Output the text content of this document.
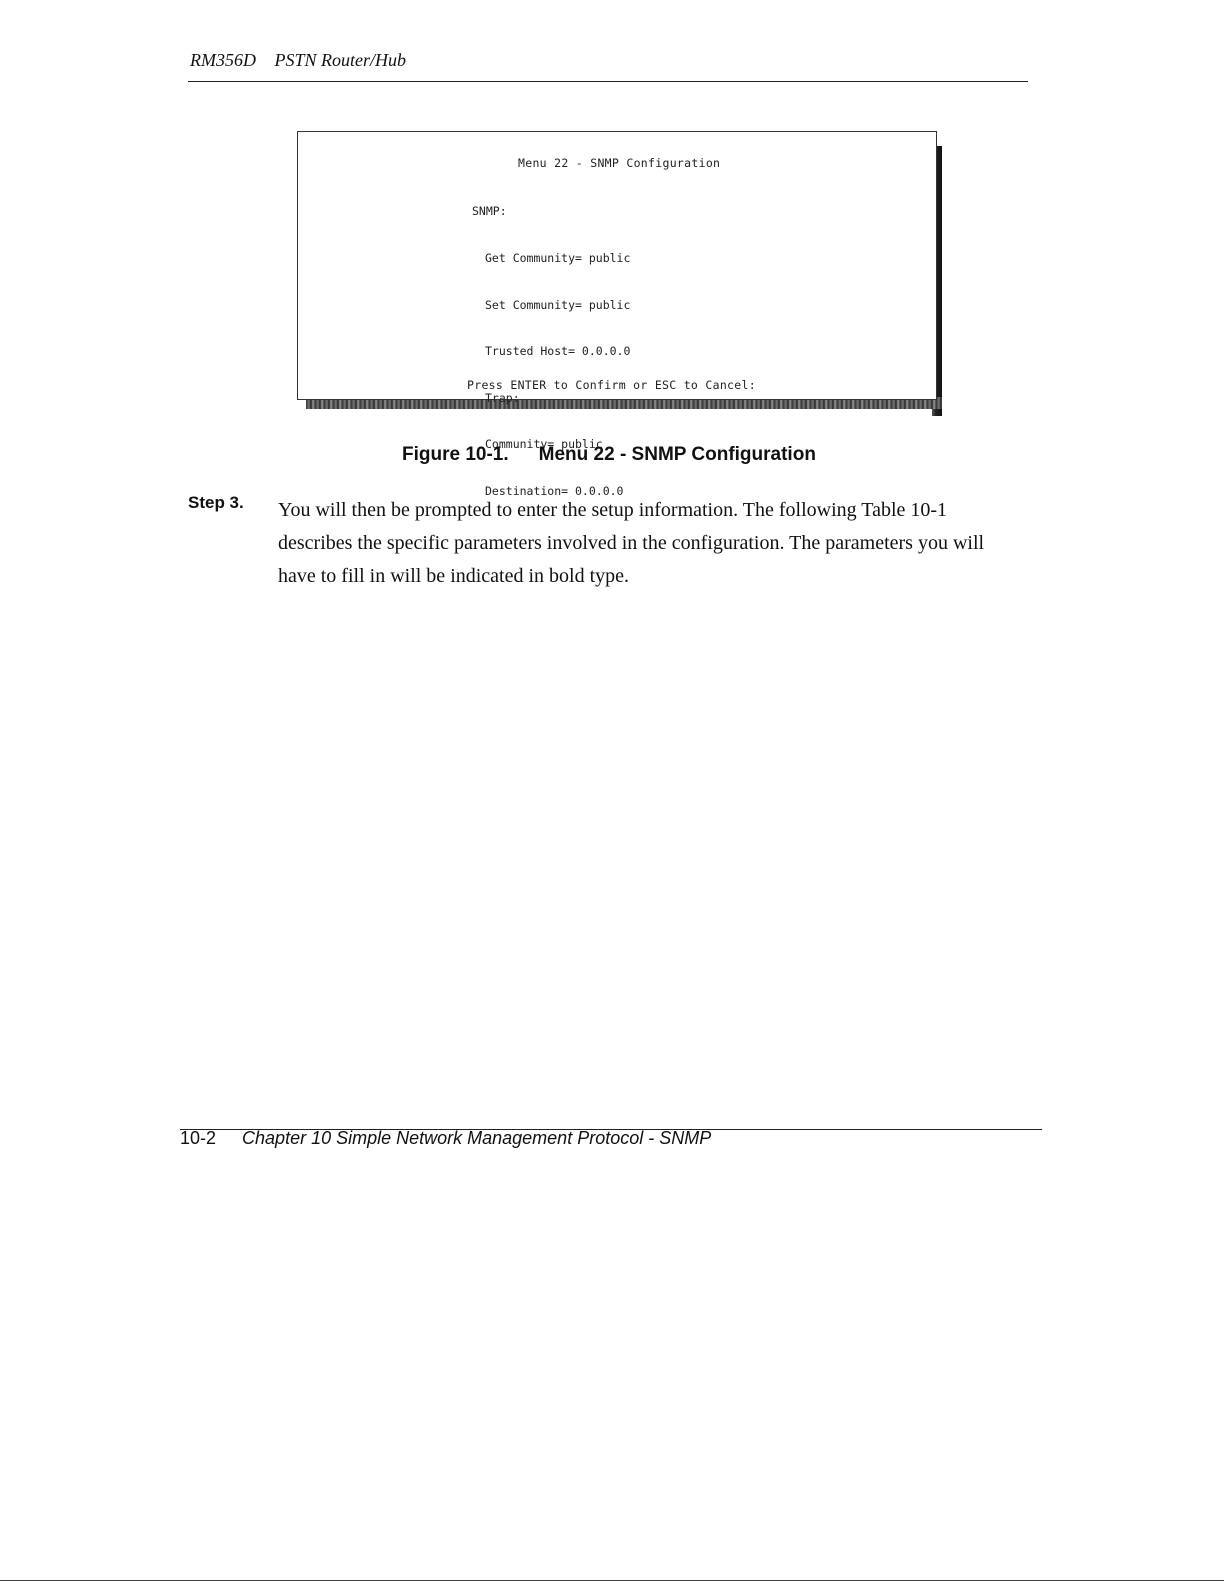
RM356D PSTN Router/Hub
Menu 22 - SNMP Configuration
SNMP:

Get Community= public

Set Community= public

Trusted Host= 0.0.0.0

Trap:

Community= public

Destination= 0.0.0.0

Press ENTER to Confirm or ESC to Cancel:
Figure 10-1. Menu 22 - SNMP Configuration
Step 3. You will then be prompted to enter the setup information. The following Table 10-1 describes the specific parameters involved in the configuration. The parameters you will have to fill in will be indicated in bold type.
10-2 Chapter 10 Simple Network Management Protocol - SNMP
